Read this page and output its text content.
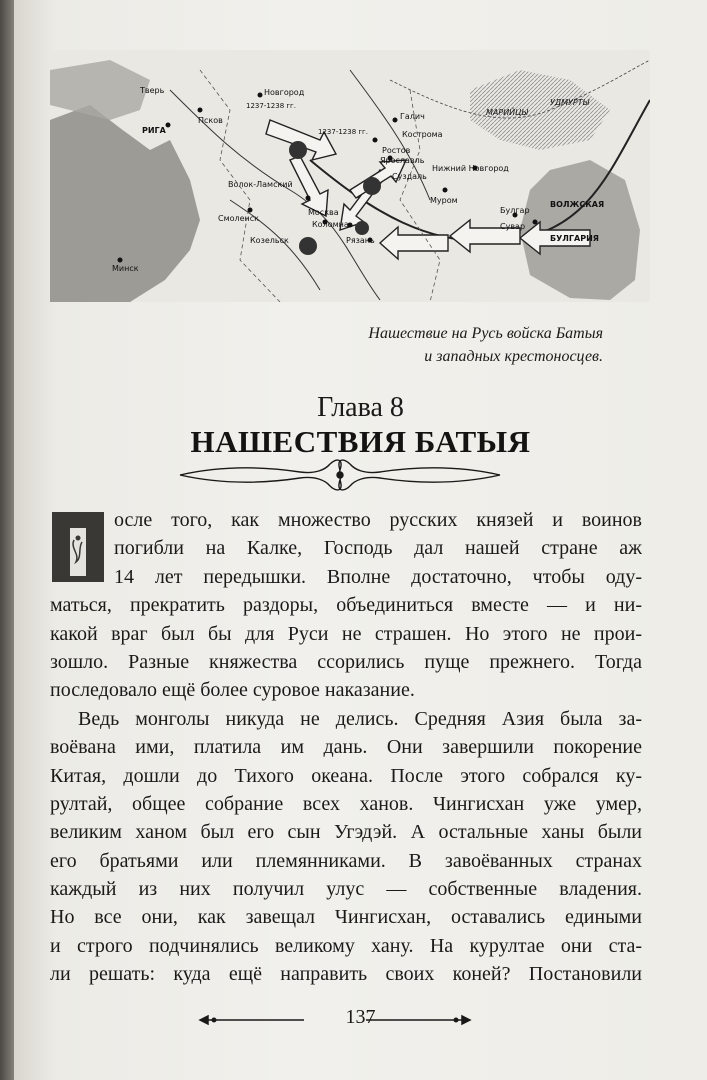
Тверь	Новгород
РИГА
Псков	Галич
Кострома
Ростов
Ярославль
Суздаль
Нижний Новгород
Муром
Волок-Ламский
Смоленск
Москва
Коломна
Козельск	Рязань
Булгар
Сувар
ВОЛЖСКАЯ
БУЛГАРИЯ
МАРИЙЦЫ
УДМУРТЫ
Минск
1237-1238 гг.
1237-1238 гг.
Нашествие на Русь войска Батыя
и западных крестоносцев.
Глава 8
НАШЕСТВИЯ БАТЫЯ
осле того, как множество русских князей и воинов
погибли на Калке, Господь дал нашей стране аж
14 лет передышки. Вполне достаточно, чтобы оду-
маться, прекратить раздоры, объединиться вместе — и ни-
какой враг был бы для Руси не страшен. Но этого не прои-
зошло. Разные княжества ссорились пуще прежнего. Тогда
последовало ещё более суровое наказание.
Ведь монголы никуда не делись. Средняя Азия была за-
воёвана ими, платила им дань. Они завершили покорение
Китая, дошли до Тихого океана. После этого собрался ку-
рултай, общее собрание всех ханов. Чингисхан уже умер,
великим ханом был его сын Угэдэй. А остальные ханы были
его братьями или племянниками. В завоёванных странах
каждый из них получил улус — собственные владения.
Но все они, как завещал Чингисхан, оставались едиными
и строго подчинялись великому хану. На курултае они ста-
ли решать: куда ещё направить своих коней? Постановили
137
